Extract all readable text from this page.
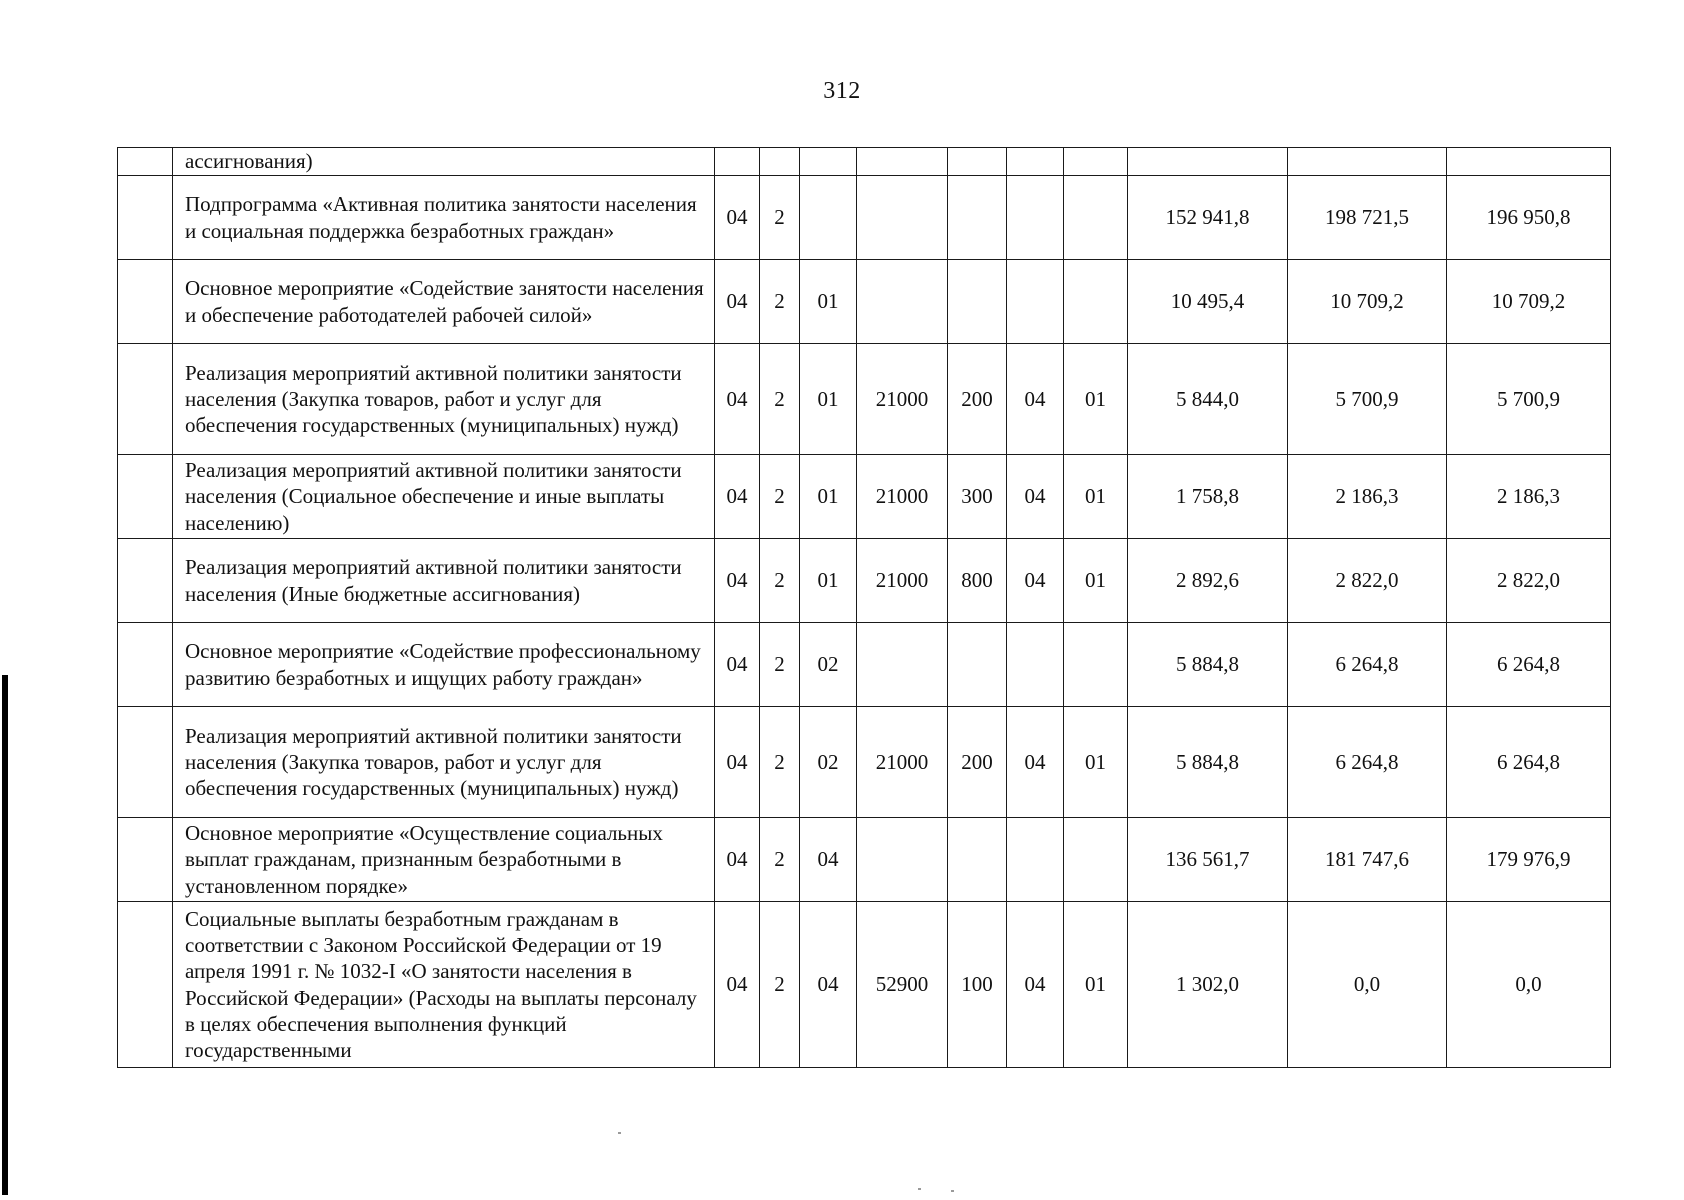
312
	ассигнования)										
	Подпрограмма «Активная политика занятости населения и социальная поддержка безработных граждан»	04	2						152 941,8	198 721,5	196 950,8
	Основное мероприятие «Содействие занятости населения и обеспечение работодателей рабочей силой»	04	2	01					10 495,4	10 709,2	10 709,2
	Реализация мероприятий активной политики занятости населения (Закупка товаров, работ и услуг для обеспечения государственных (муниципальных) нужд)	04	2	01	21000	200	04	01	5 844,0	5 700,9	5 700,9
	Реализация мероприятий активной политики занятости населения (Социальное обеспечение и иные выплаты населению)	04	2	01	21000	300	04	01	1 758,8	2 186,3	2 186,3
	Реализация мероприятий активной политики занятости населения (Иные бюджетные ассигнования)	04	2	01	21000	800	04	01	2 892,6	2 822,0	2 822,0
	Основное мероприятие «Содействие профессиональному развитию безработных и ищущих работу граждан»	04	2	02					5 884,8	6 264,8	6 264,8
	Реализация мероприятий активной политики занятости населения (Закупка товаров, работ и услуг для обеспечения государственных (муниципальных) нужд)	04	2	02	21000	200	04	01	5 884,8	6 264,8	6 264,8
	Основное мероприятие «Осуществление социальных выплат гражданам, признанным безработными в установленном порядке»	04	2	04					136 561,7	181 747,6	179 976,9
	Социальные выплаты безработным гражданам в соответствии с Законом Российской Федерации от 19 апреля 1991 г. № 1032-I «О занятости населения в Российской Федерации» (Расходы на выплаты персоналу в целях обеспечения выполнения функций государственными	04	2	04	52900	100	04	01	1 302,0	0,0	0,0
